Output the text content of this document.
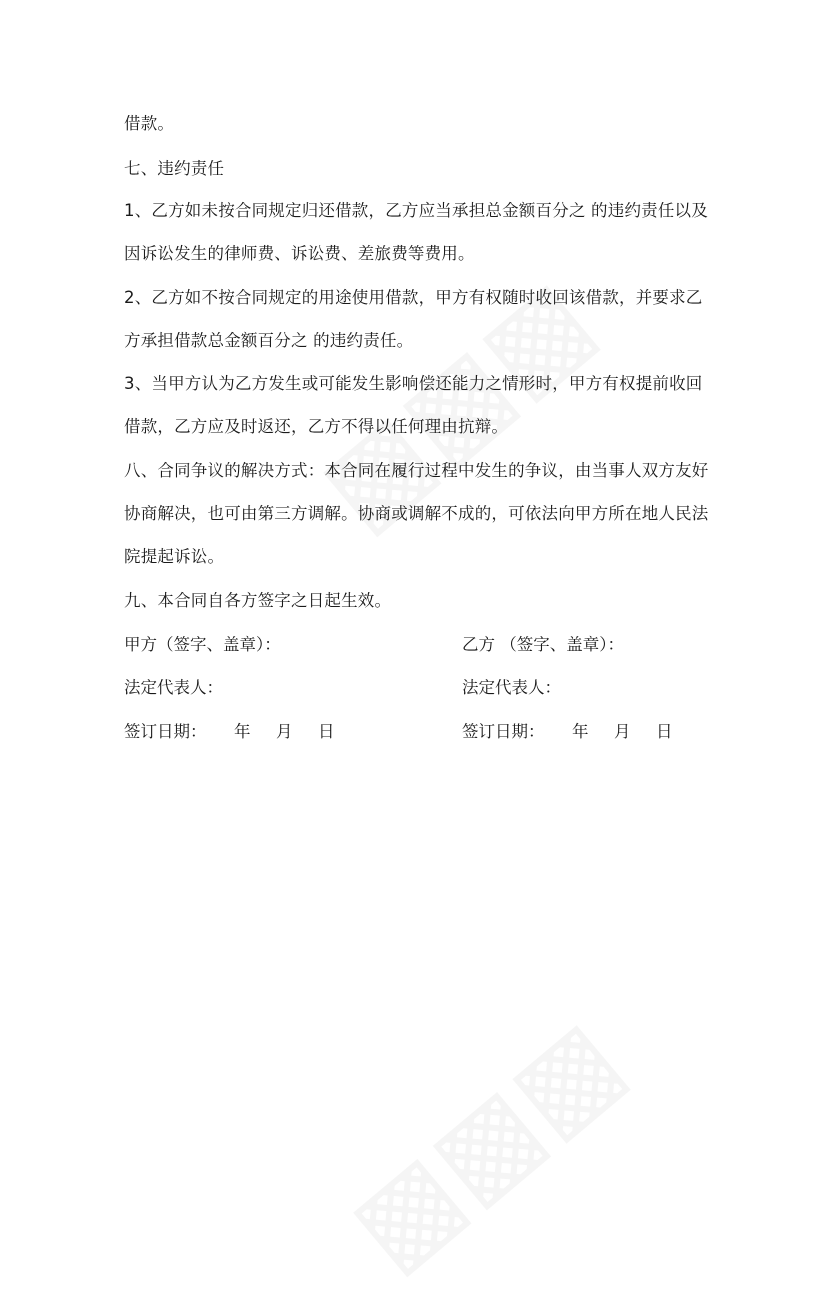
借款。
七、违约责任
1、乙方如未按合同规定归还借款，乙方应当承担总金额百分之 的违约责任以及
因诉讼发生的律师费、诉讼费、差旅费等费用。
2、乙方如不按合同规定的用途使用借款，甲方有权随时收回该借款，并要求乙
方承担借款总金额百分之 的违约责任。
3、当甲方认为乙方发生或可能发生影响偿还能力之情形时，甲方有权提前收回
借款，乙方应及时返还，乙方不得以任何理由抗辩。
八、合同争议的解决方式：本合同在履行过程中发生的争议，由当事人双方友好
协商解决，也可由第三方调解。协商或调解不成的，可依法向甲方所在地人民法
院提起诉讼。
九、本合同自各方签字之日起生效。
甲方（签字、盖章）：	乙方 （签字、盖章）：
法定代表人：	法定代表人：
签订日期： 年 月 日	签订日期： 年 月 日
